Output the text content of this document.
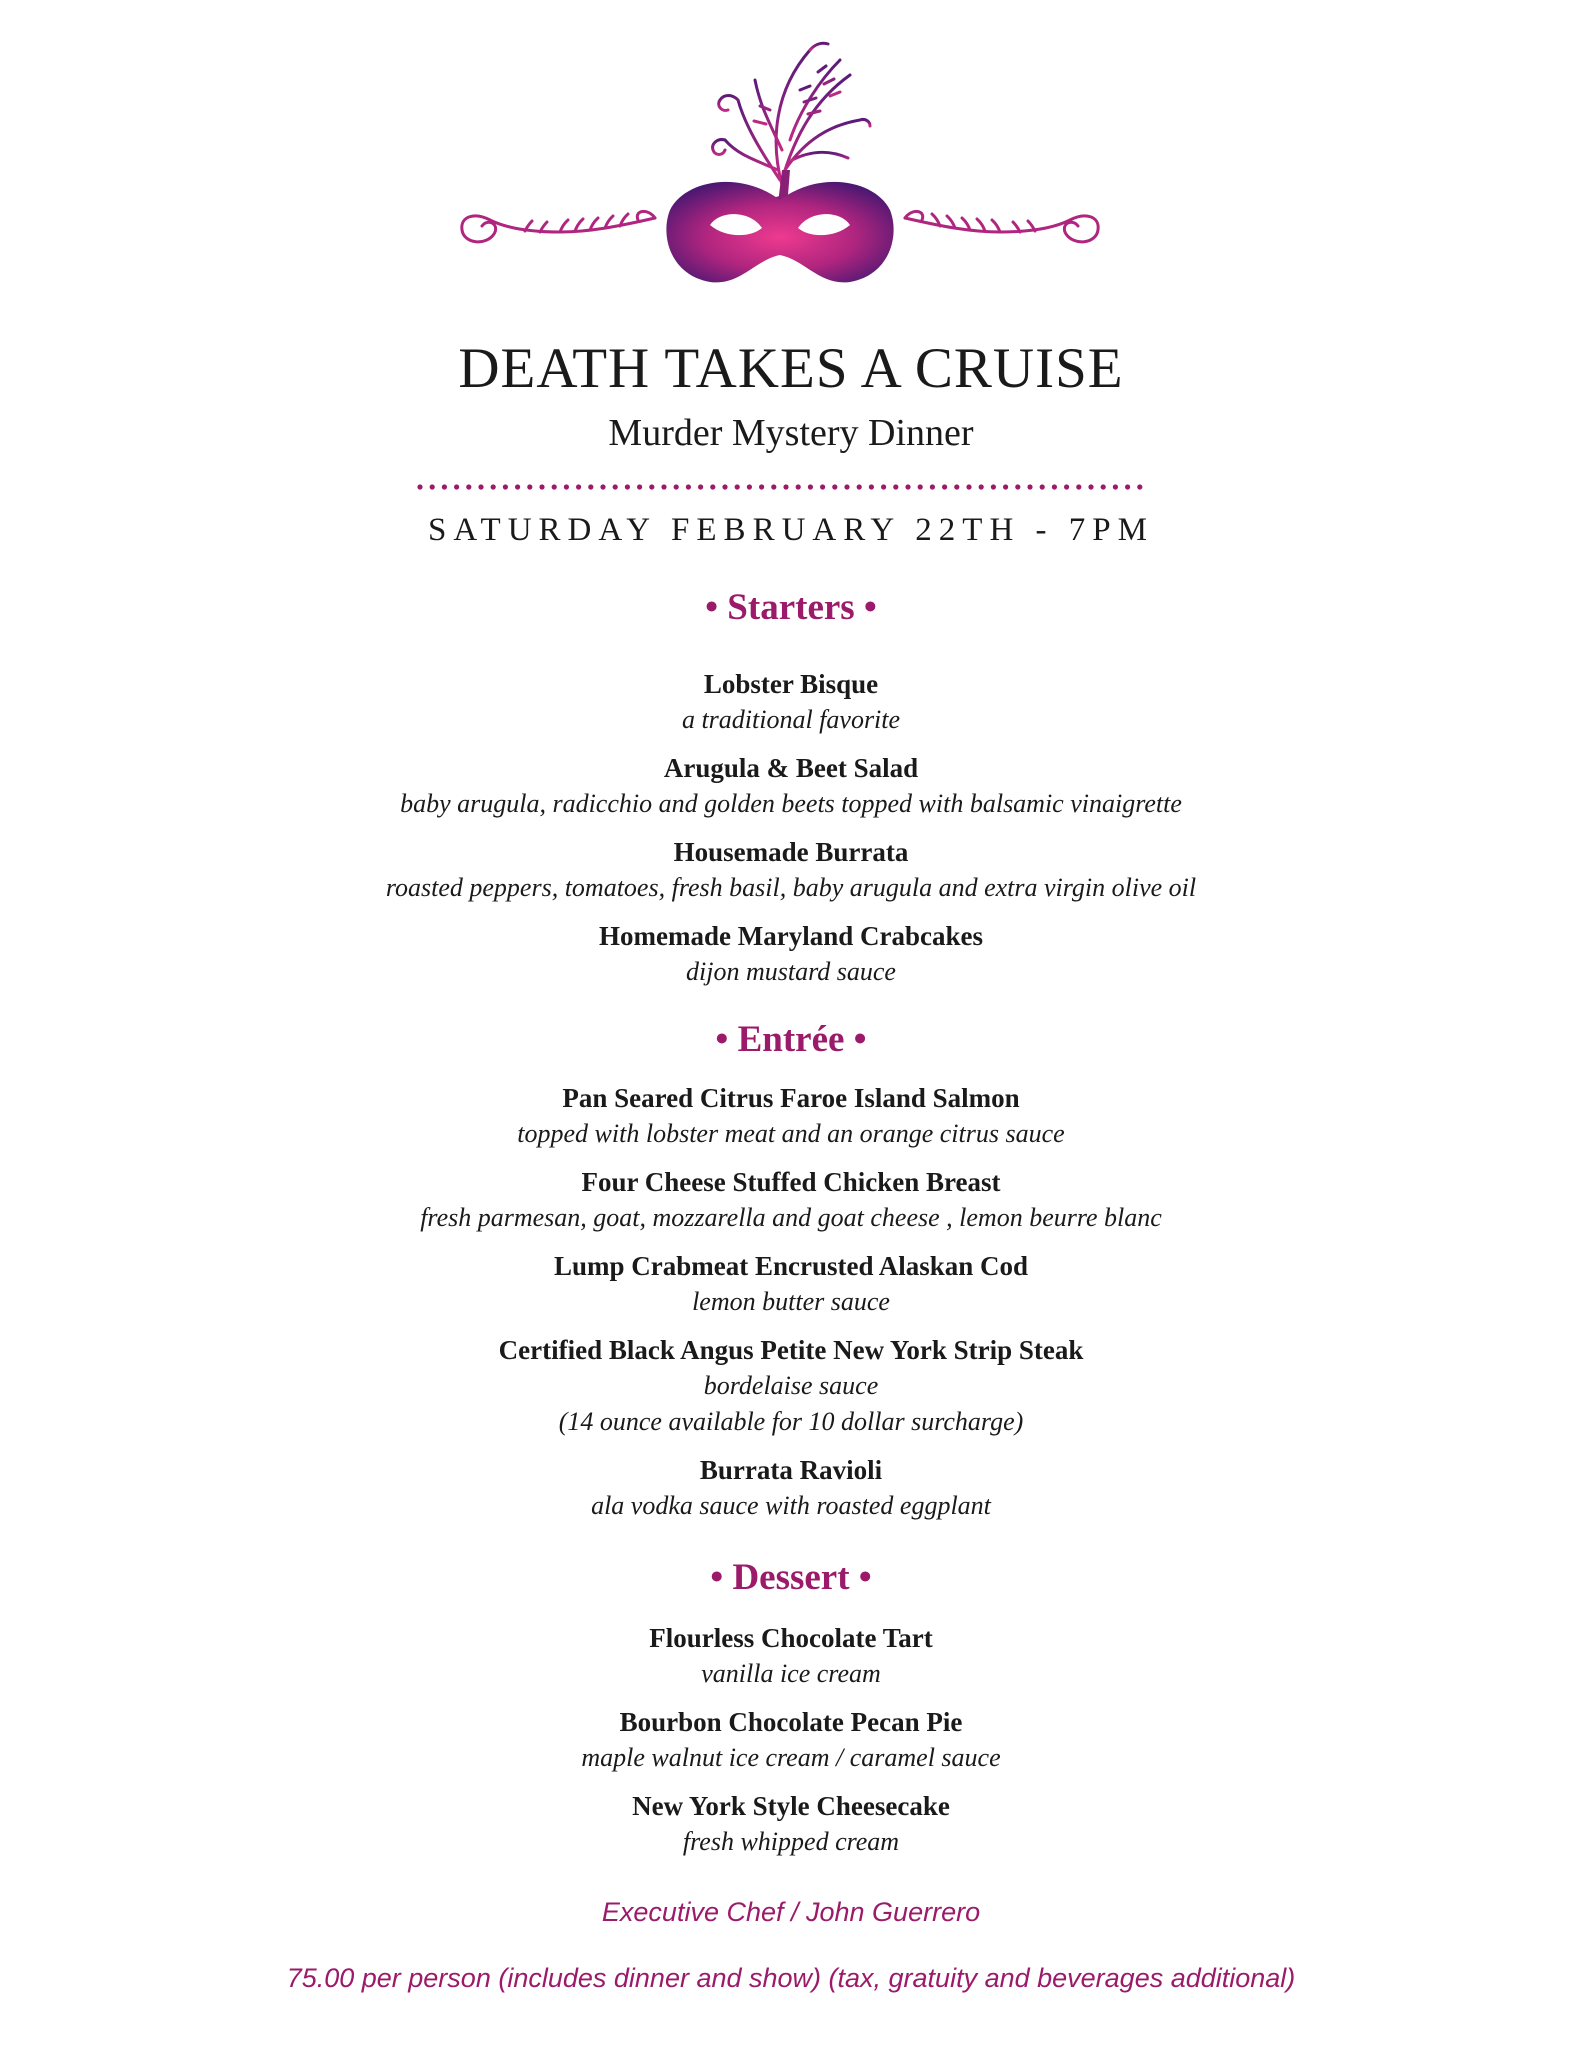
DEATH TAKES A CRUISE
Murder Mystery Dinner
SATURDAY FEBRUARY 22TH - 7PM
• Starters •
Lobster Bisque
a traditional favorite
Arugula & Beet Salad
baby arugula, radicchio and golden beets topped with balsamic vinaigrette
Housemade Burrata
roasted peppers, tomatoes, fresh basil, baby arugula and extra virgin olive oil
Homemade Maryland Crabcakes
dijon mustard sauce
• Entrée •
Pan Seared Citrus Faroe Island Salmon
topped with lobster meat and an orange citrus sauce
Four Cheese Stuffed Chicken Breast
fresh parmesan, goat, mozzarella and goat cheese , lemon beurre blanc
Lump Crabmeat Encrusted Alaskan Cod
lemon butter sauce
Certified Black Angus Petite New York Strip Steak
bordelaise sauce
(14 ounce available for 10 dollar surcharge)
Burrata Ravioli
ala vodka sauce with roasted eggplant
• Dessert •
Flourless Chocolate Tart
vanilla ice cream
Bourbon Chocolate Pecan Pie
maple walnut ice cream / caramel sauce
New York Style Cheesecake
fresh whipped cream
Executive Chef / John Guerrero
75.00 per person (includes dinner and show) (tax, gratuity and beverages additional)
